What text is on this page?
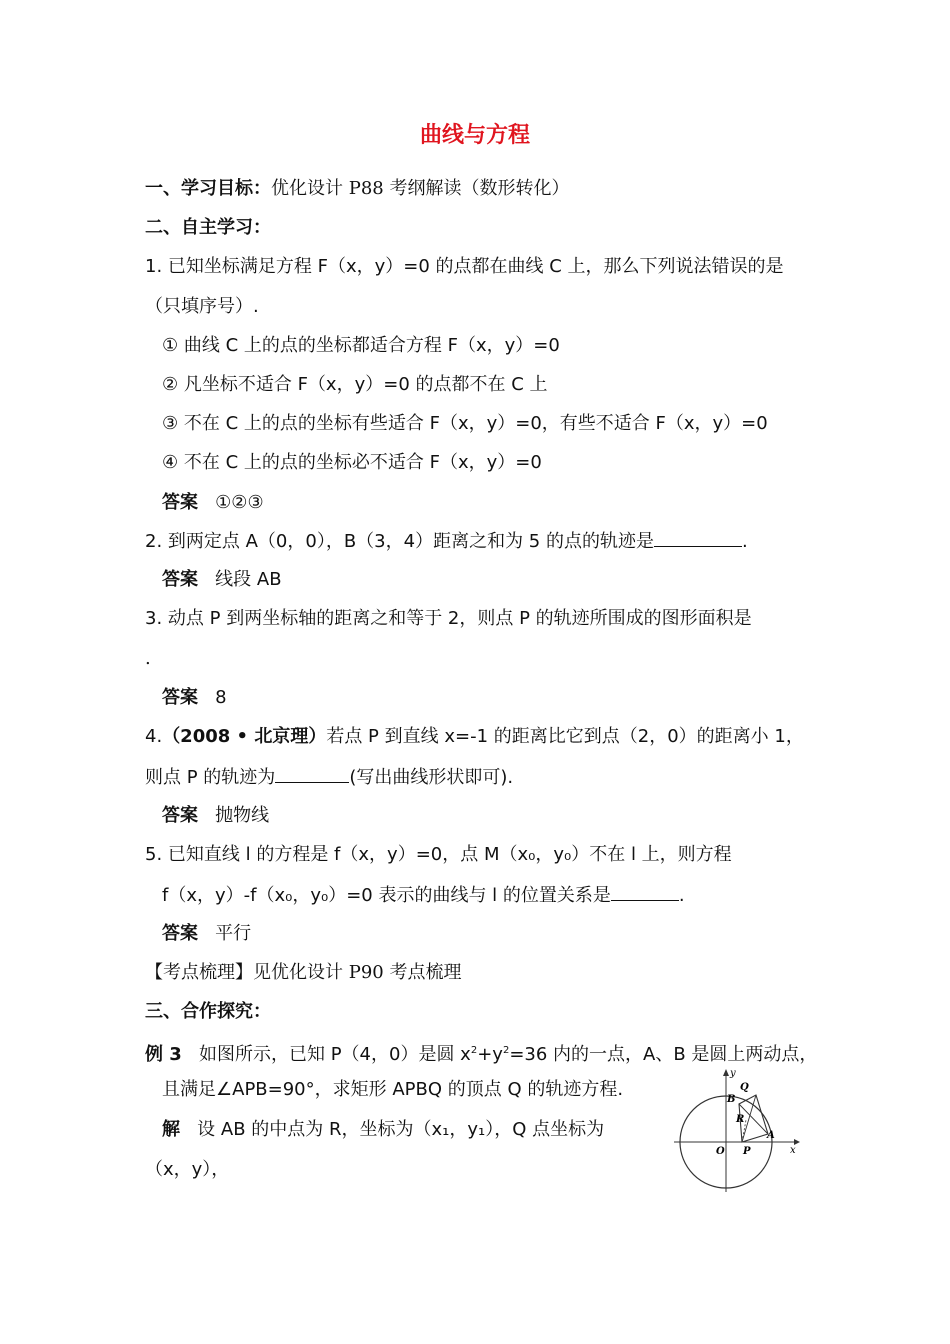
曲线与方程
一、学习目标：优化设计 P88 考纲解读（数形转化）
二、自主学习：
1. 已知坐标满足方程 F（x，y）=0 的点都在曲线 C 上，那么下列说法错误的是
（只填序号）.
① 曲线 C 上的点的坐标都适合方程 F（x，y）=0
② 凡坐标不适合 F（x，y）=0 的点都不在 C 上
③ 不在 C 上的点的坐标有些适合 F（x，y）=0，有些不适合 F（x，y）=0
④ 不在 C 上的点的坐标必不适合 F（x，y）=0
答案 ①②③
2. 到两定点 A（0，0），B（3，4）距离之和为 5 的点的轨迹是	.
答案 线段 AB
3. 动点 P 到两坐标轴的距离之和等于 2，则点 P 的轨迹所围成的图形面积是
.
答案 8
4.（2008 • 北京理）若点 P 到直线 x=-1 的距离比它到点（2，0）的距离小 1，
则点 P 的轨迹为	(写出曲线形状即可).
答案 抛物线
5. 已知直线 l 的方程是 f（x，y）=0，点 M（x₀，y₀）不在 l 上，则方程
f（x，y）-f（x₀，y₀）=0 表示的曲线与 l 的位置关系是	.
答案 平行
【考点梳理】见优化设计 P90 考点梳理
三、合作探究：
例 3 如图所示，已知 P（4，0）是圆 $x^2+y^2=36$ 内的一点，A、B 是圆上两动点，
且满足∠APB=90°，求矩形 APBQ 的顶点 Q 的轨迹方程.
解 设 AB 的中点为 R，坐标为（x₁，y₁），Q 点坐标为
（x，y），
y
Q
B
R
A
O P	x
